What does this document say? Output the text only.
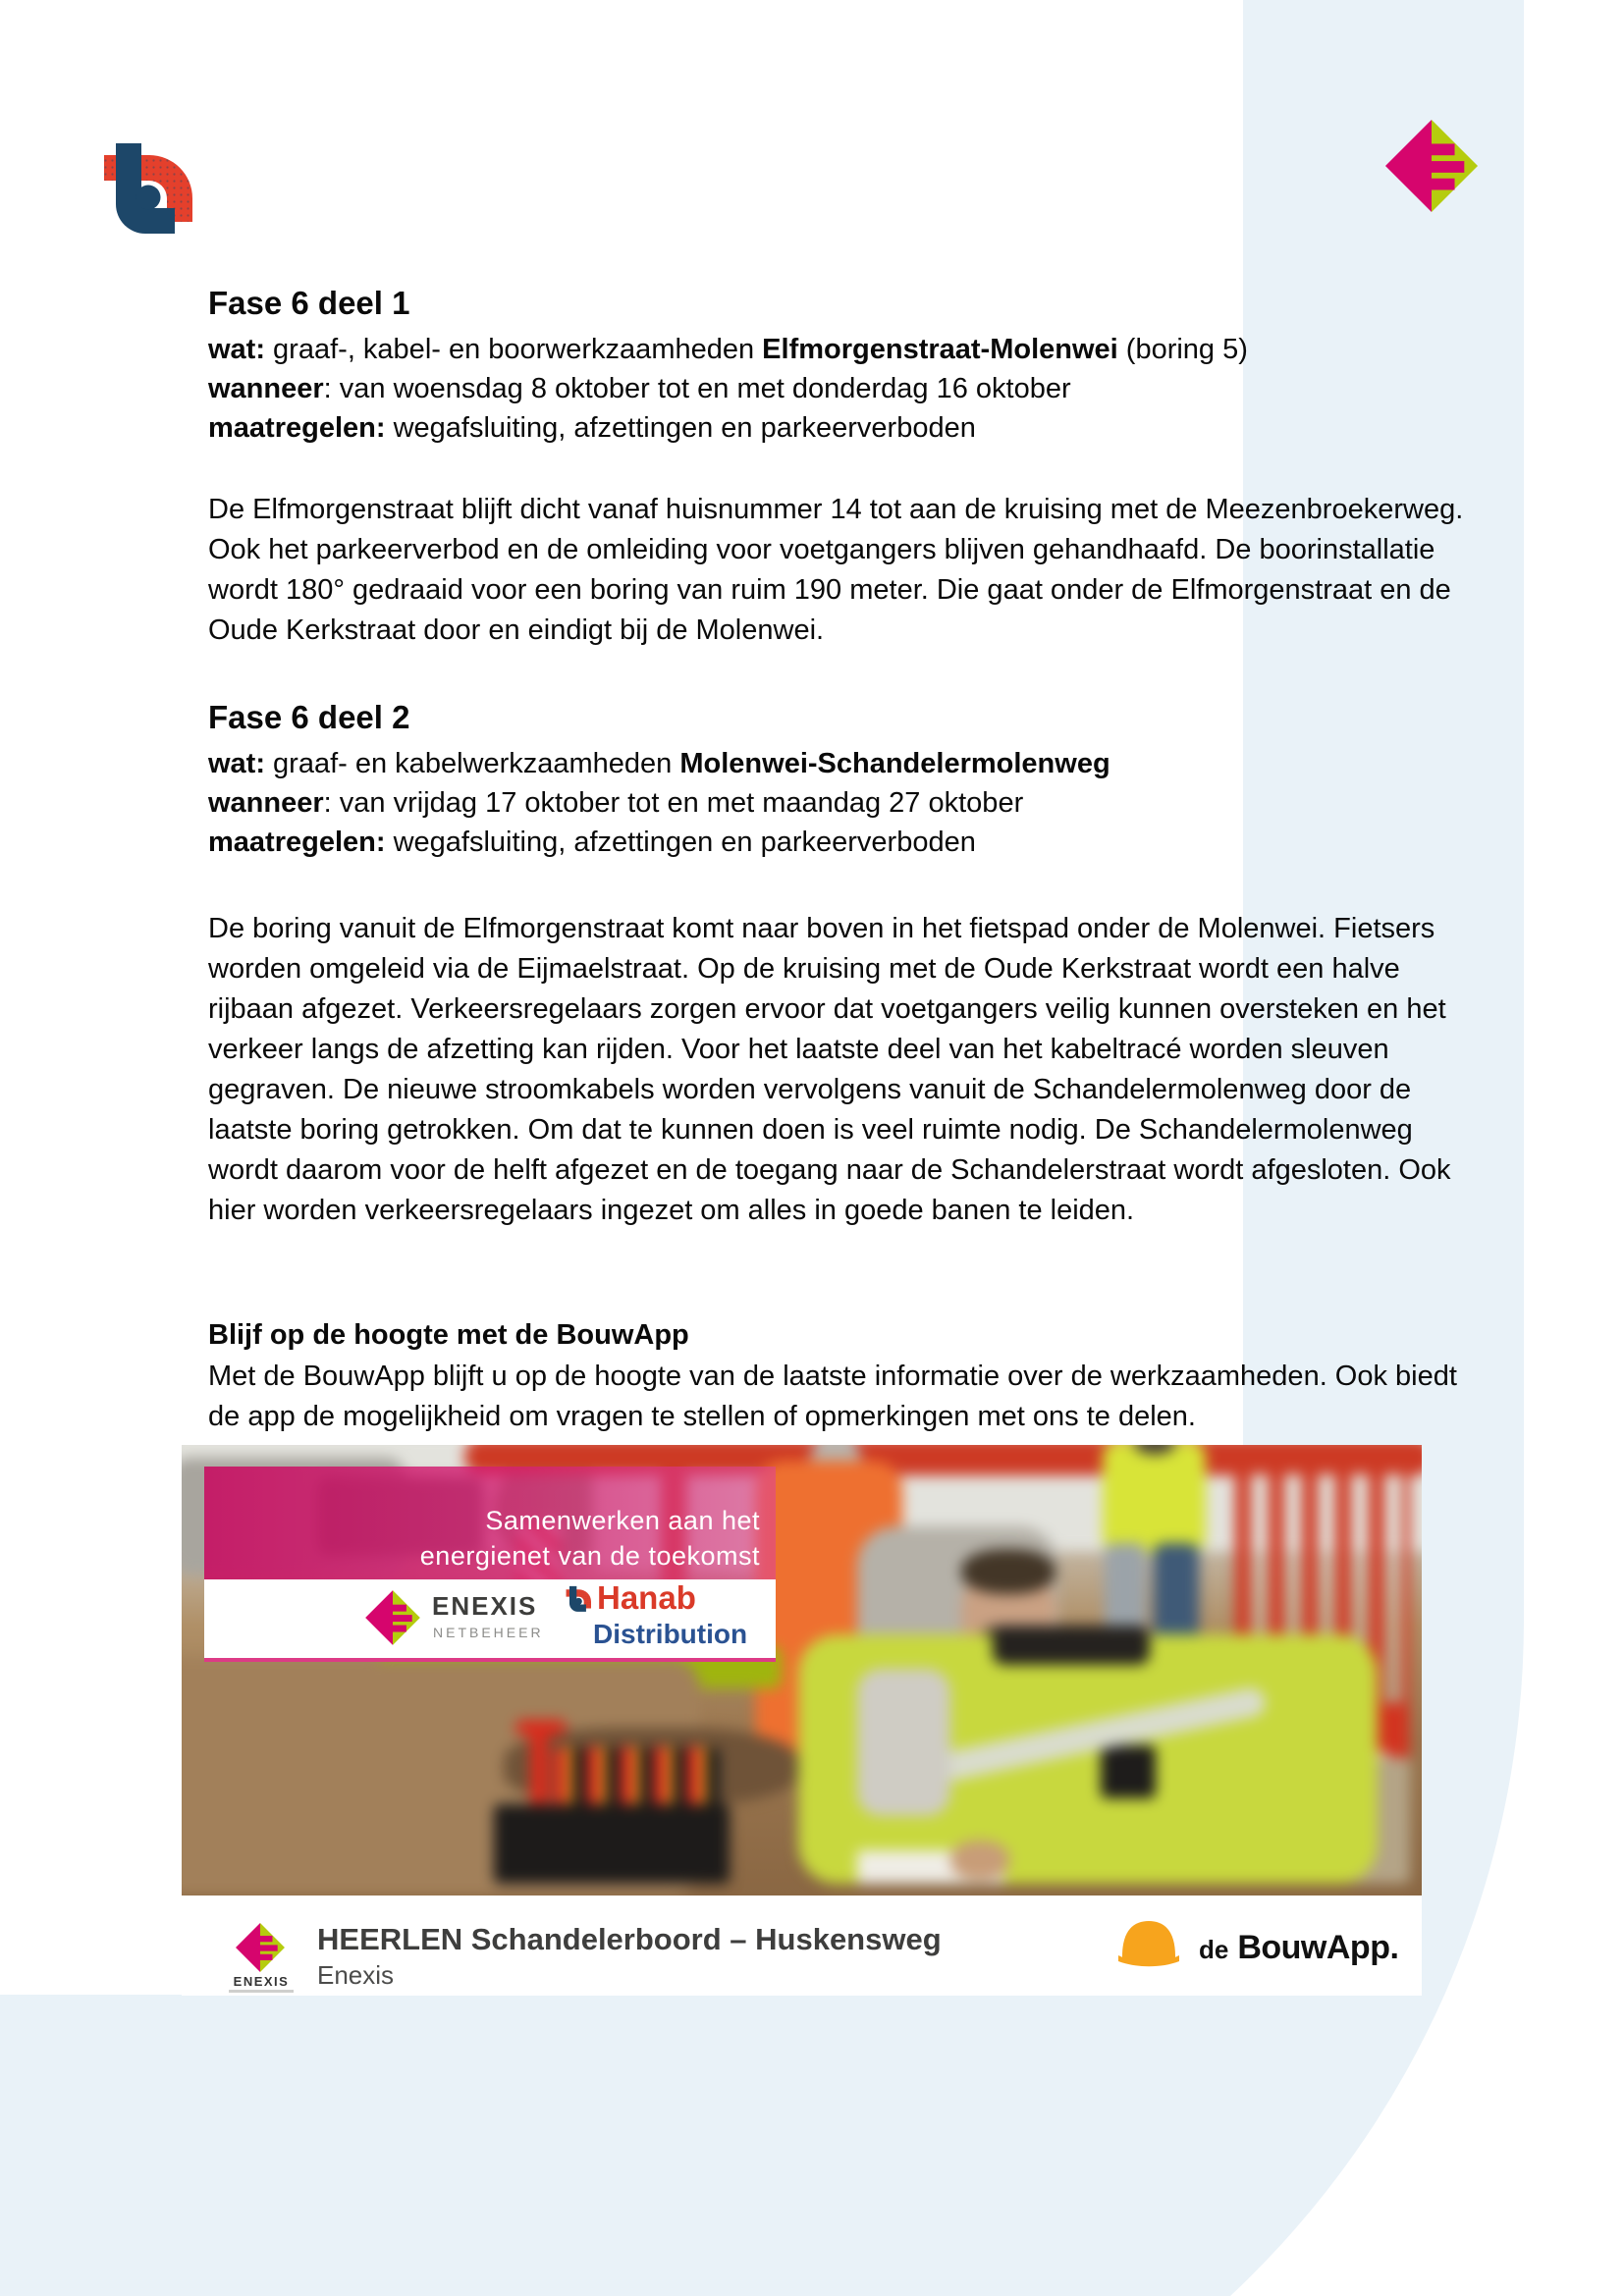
Fase 6 deel 1
wat: graaf-, kabel- en boorwerkzaamheden Elfmorgenstraat-Molenwei (boring 5)
wanneer: van woensdag 8 oktober tot en met donderdag 16 oktober
maatregelen: wegafsluiting, afzettingen en parkeerverboden
De Elfmorgenstraat blijft dicht vanaf huisnummer 14 tot aan de kruising met de Meezenbroekerweg.
Ook het parkeerverbod en de omleiding voor voetgangers blijven gehandhaafd. De boorinstallatie
wordt 180° gedraaid voor een boring van ruim 190 meter. Die gaat onder de Elfmorgenstraat en de
Oude Kerkstraat door en eindigt bij de Molenwei.
Fase 6 deel 2
wat: graaf- en kabelwerkzaamheden Molenwei-Schandelermolenweg
wanneer: van vrijdag 17 oktober tot en met maandag 27 oktober
maatregelen: wegafsluiting, afzettingen en parkeerverboden
De boring vanuit de Elfmorgenstraat komt naar boven in het fietspad onder de Molenwei. Fietsers
worden omgeleid via de Eijmaelstraat. Op de kruising met de Oude Kerkstraat wordt een halve
rijbaan afgezet. Verkeersregelaars zorgen ervoor dat voetgangers veilig kunnen oversteken en het
verkeer langs de afzetting kan rijden. Voor het laatste deel van het kabeltracé worden sleuven
gegraven. De nieuwe stroomkabels worden vervolgens vanuit de Schandelermolenweg door de
laatste boring getrokken. Om dat te kunnen doen is veel ruimte nodig. De Schandelermolenweg
wordt daarom voor de helft afgezet en de toegang naar de Schandelerstraat wordt afgesloten. Ook
hier worden verkeersregelaars ingezet om alles in goede banen te leiden.
Blijf op de hoogte met de BouwApp
Met de BouwApp blijft u op de hoogte van de laatste informatie over de werkzaamheden. Ook biedt
de app de mogelijkheid om vragen te stellen of opmerkingen met ons te delen.
Samenwerken aan het
energienet van de toekomst
ENEXIS
NETBEHEER
Hanab
Distribution
ENEXIS
HEERLEN Schandelerboord – Huskensweg
Enexis
de BouwApp.
